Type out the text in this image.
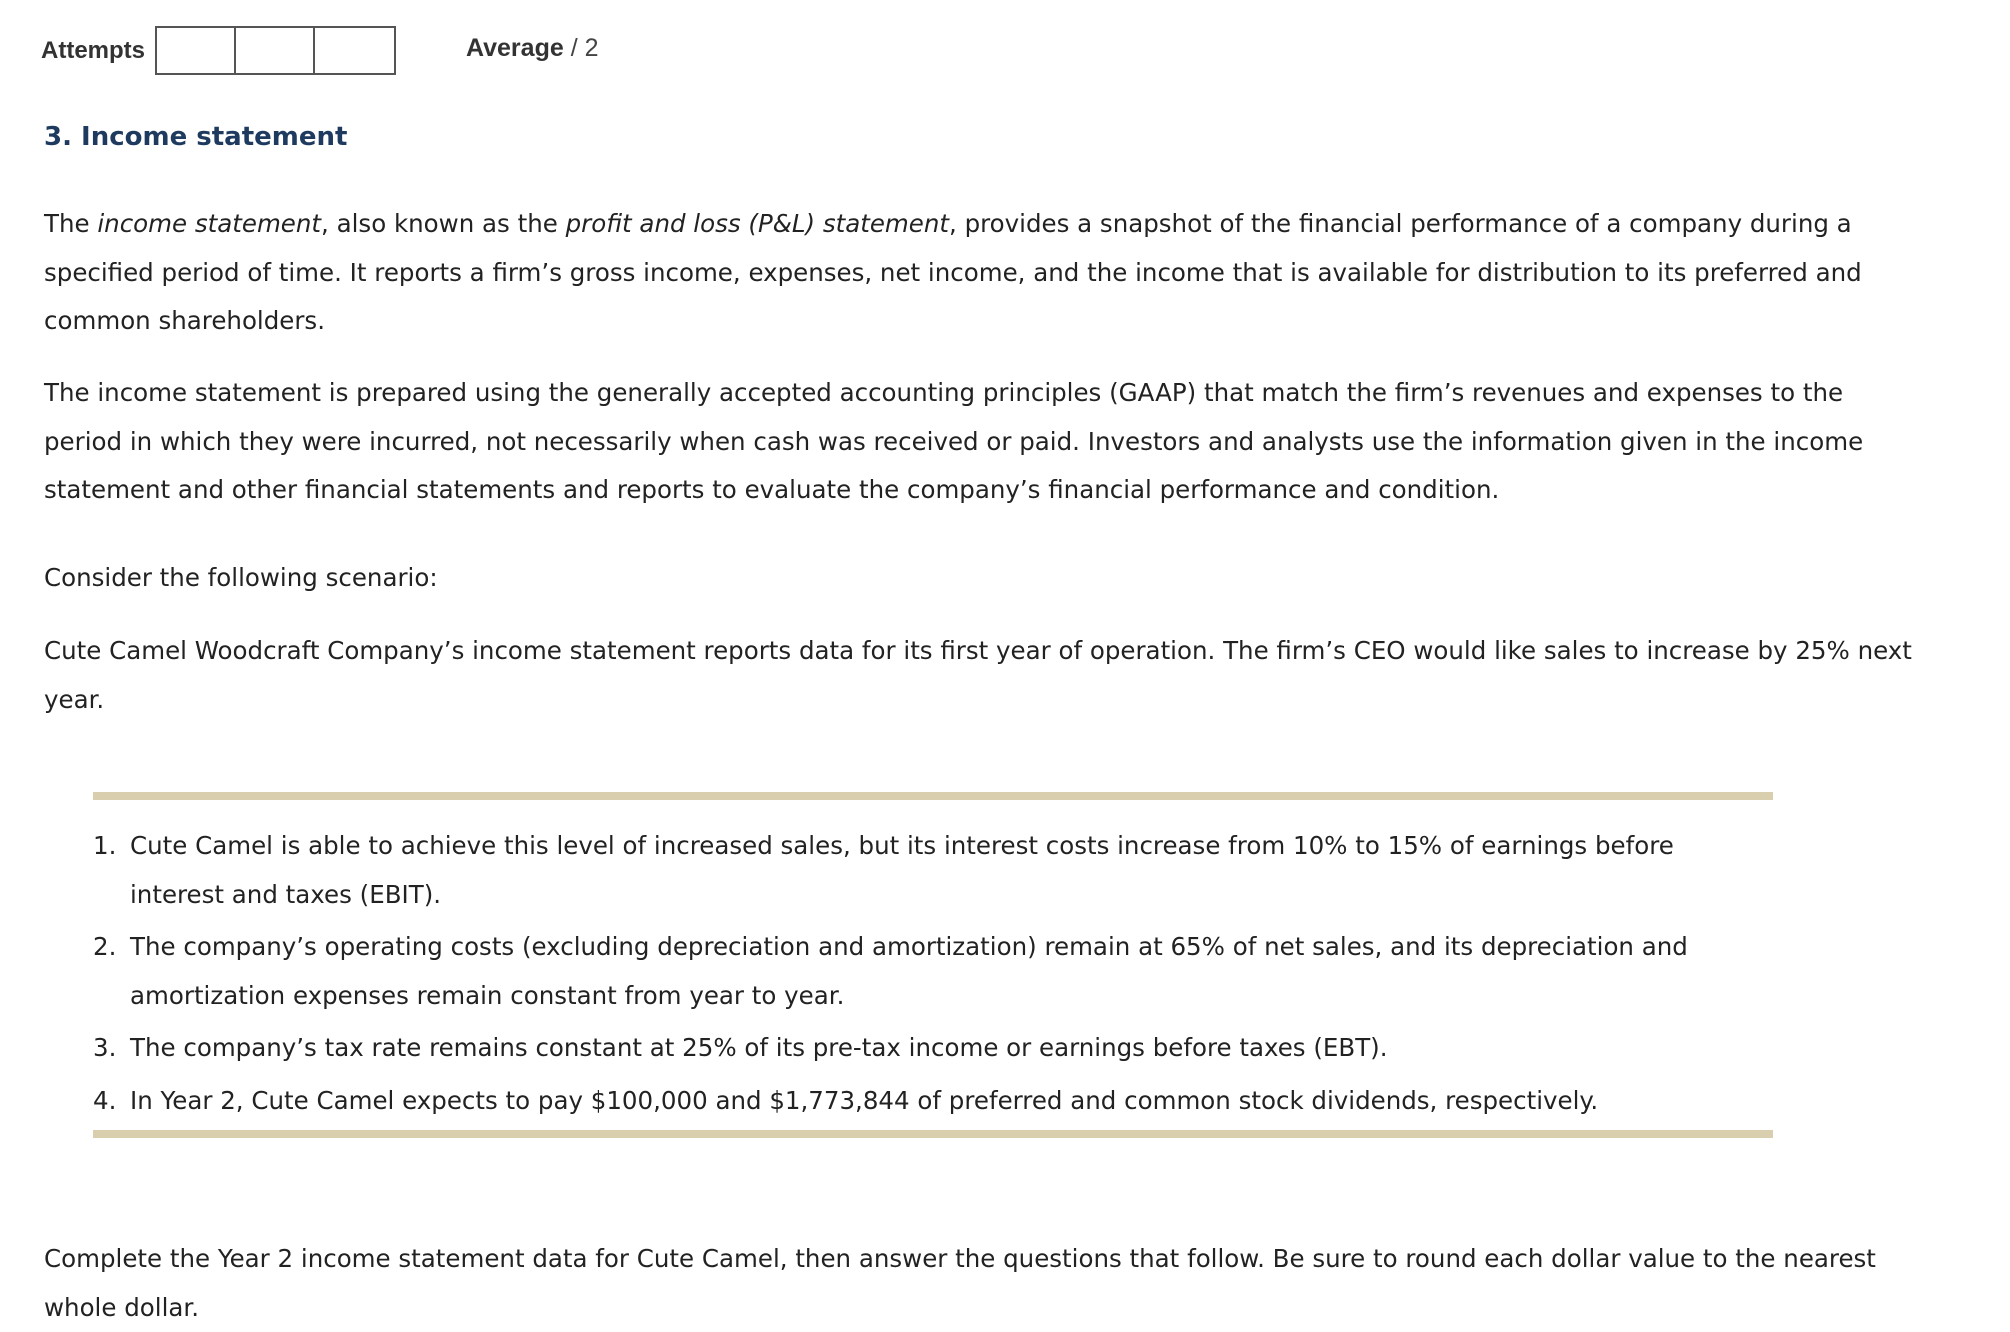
Attempts	Average / 2
3. Income statement

The income statement, also known as the profit and loss (P&L) statement, provides a snapshot of the financial performance of a company during a specified period of time. It reports a firm’s gross income, expenses, net income, and the income that is available for distribution to its preferred and common shareholders.

The income statement is prepared using the generally accepted accounting principles (GAAP) that match the firm’s revenues and expenses to the period in which they were incurred, not necessarily when cash was received or paid. Investors and analysts use the information given in the income statement and other financial statements and reports to evaluate the company’s financial performance and condition.

Consider the following scenario:

Cute Camel Woodcraft Company’s income statement reports data for its first year of operation. The firm’s CEO would like sales to increase by 25% next year.

Complete the Year 2 income statement data for Cute Camel, then answer the questions that follow. Be sure to round each dollar value to the nearest whole dollar.

1. Cute Camel is able to achieve this level of increased sales, but its interest costs increase from 10% to 15% of earnings before interest and taxes (EBIT).
2. The company’s operating costs (excluding depreciation and amortization) remain at 65% of net sales, and its depreciation and amortization expenses remain constant from year to year.
3. The company’s tax rate remains constant at 25% of its pre-tax income or earnings before taxes (EBT).
4. In Year 2, Cute Camel expects to pay $100,000 and $1,773,844 of preferred and common stock dividends, respectively.
